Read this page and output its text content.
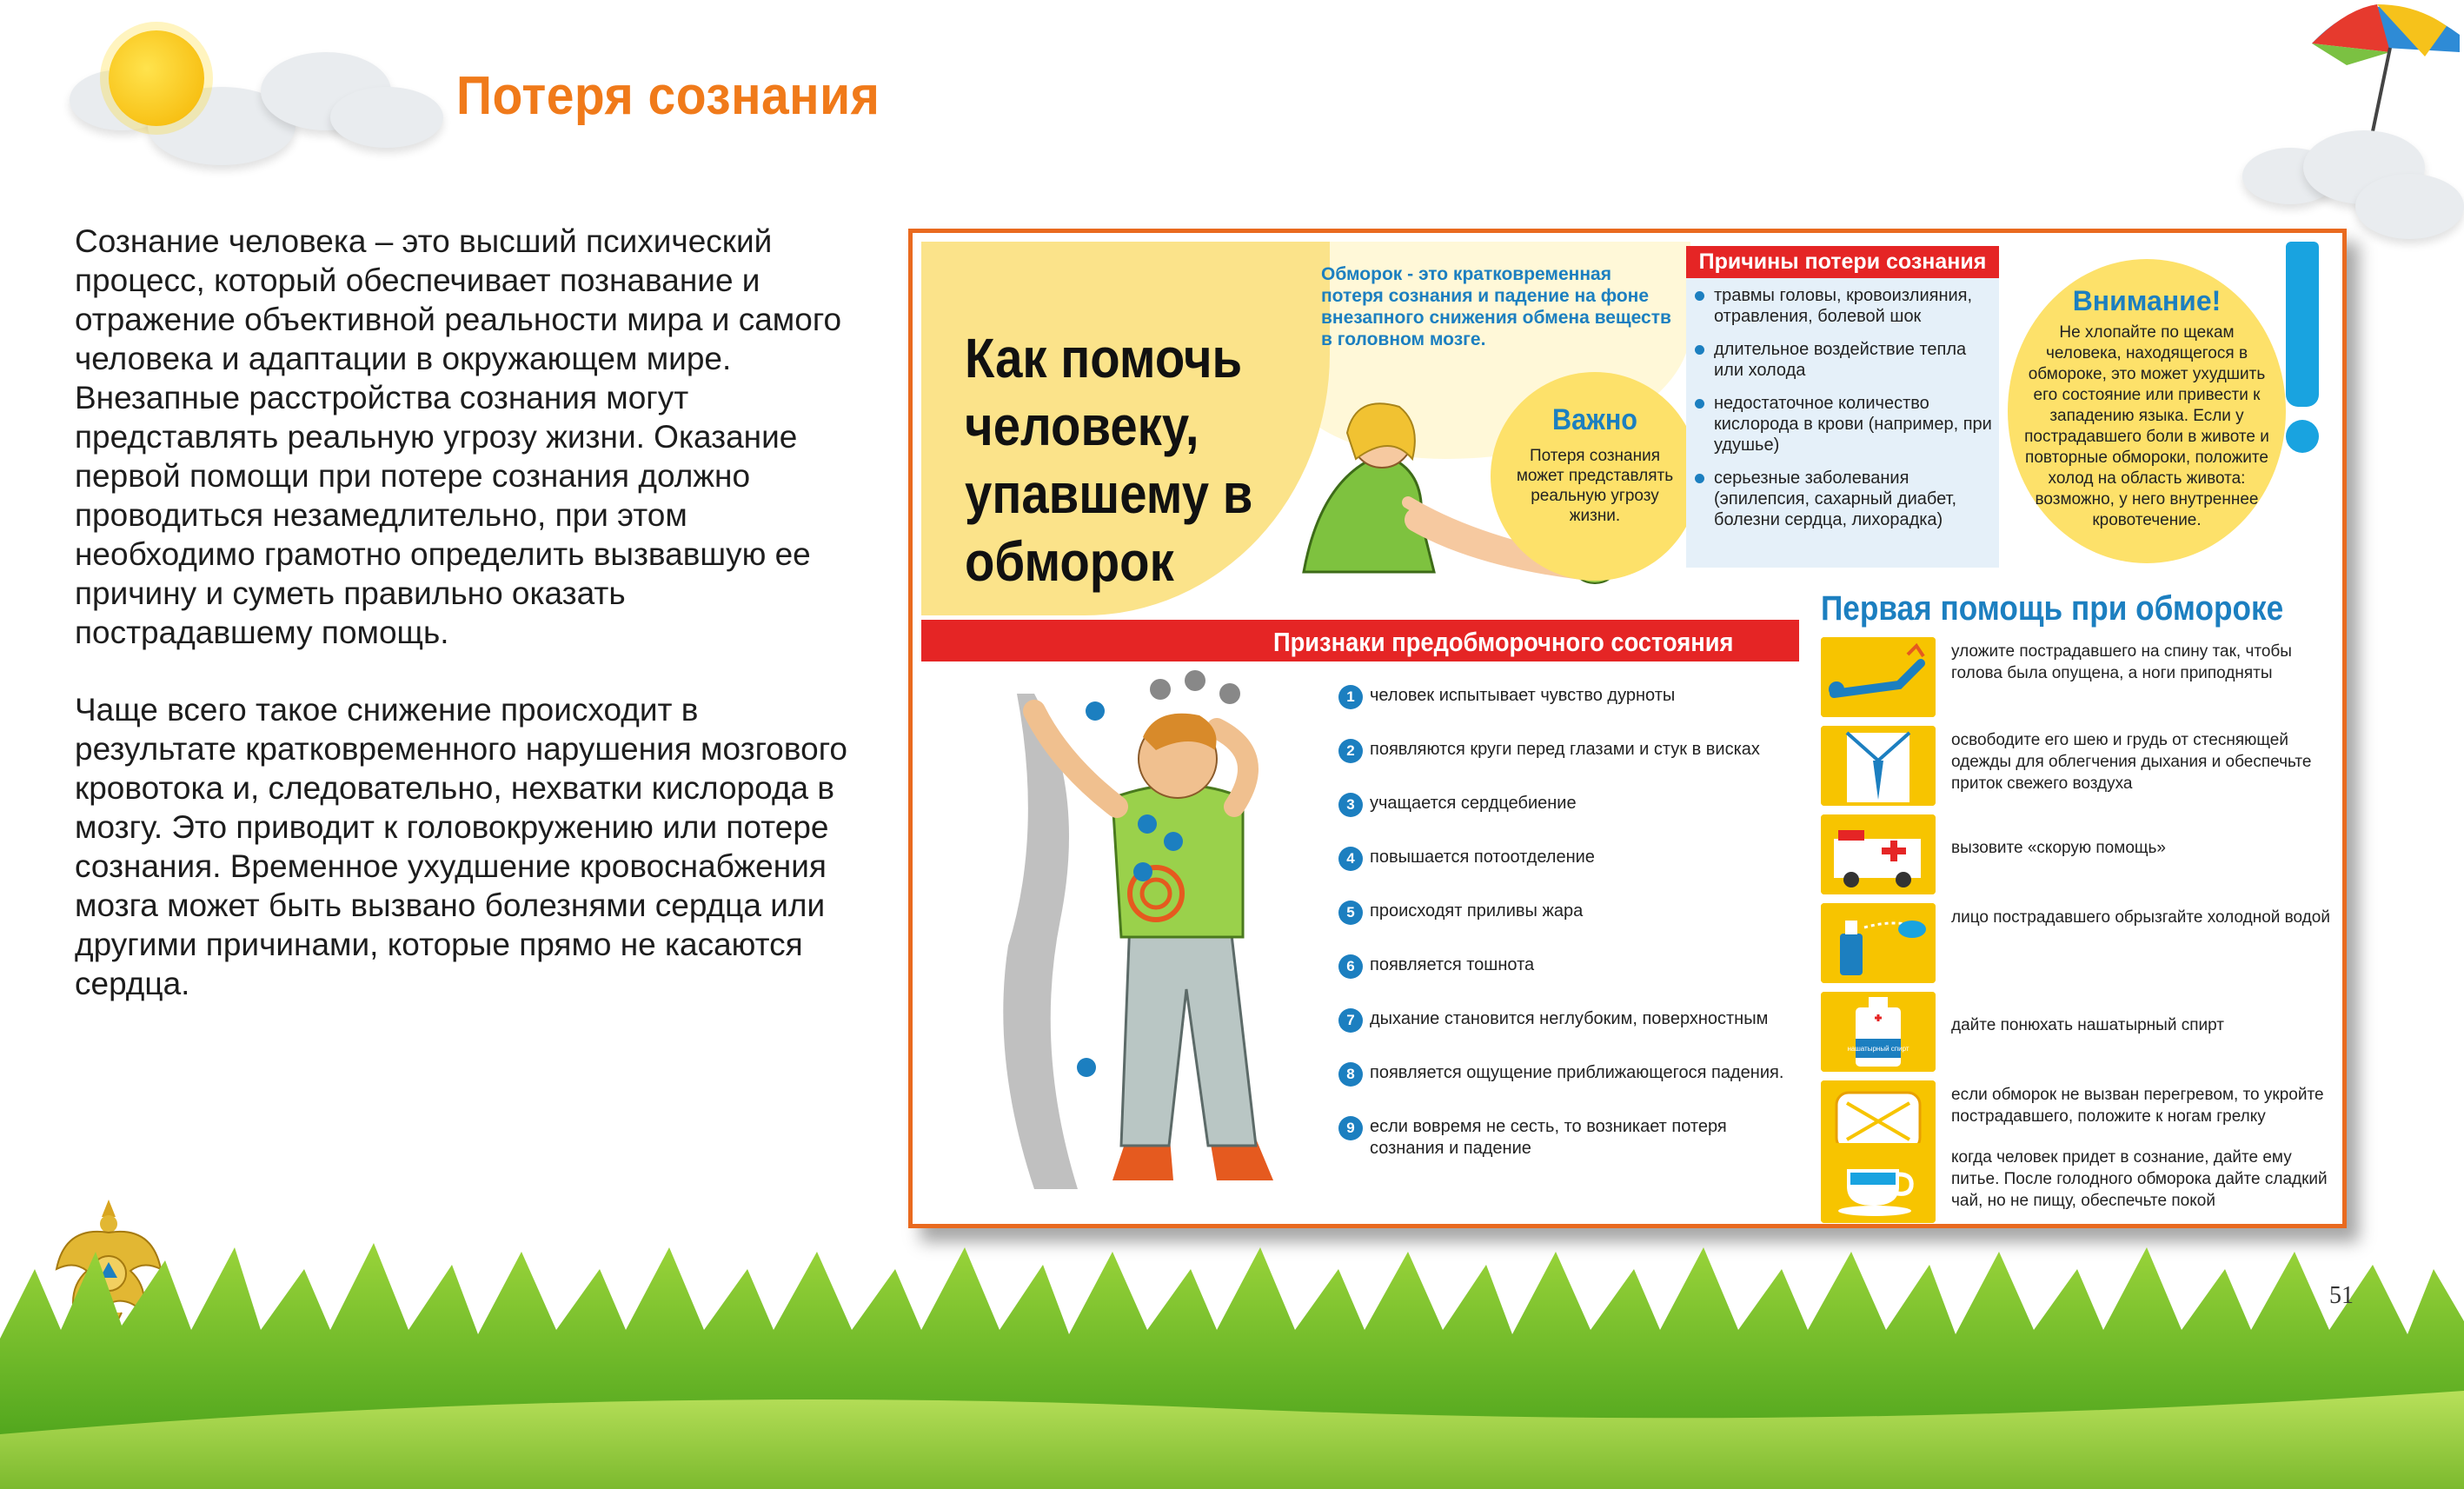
Потеря сознания

Сознание человека – это высший психический процесс, который обеспечивает познавание и отражение объективной реальности мира и самого человека и адаптации в окружающем мире. Внезапные расстройства сознания могут представлять реальную угрозу жизни. Оказание первой помощи при потере сознания должно проводиться незамедлительно, при этом необходимо грамотно определить вызвавшую ее причину и суметь правильно оказать пострадавшему помощь.

Чаще всего такое снижение происходит в результате кратковременного нарушения мозгового кровотока и, следовательно, нехватки кислорода в мозгу. Это приводит к головокружению или потере сознания. Временное ухудшение кровоснабжения мозга может быть вызвано болезнями сердца или другими причинами, которые прямо не касаются сердца.

Как помочь человеку, упавшему в обморок
Обморок - это кратковременная потеря сознания и падение на фоне внезапного снижения обмена веществ в головном мозге.
Важно
Потеря сознания может представлять реальную угрозу жизни.
Причины потери сознания
травмы головы, кровоизлияния, отравления, болевой шок
длительное воздействие тепла или холода
недостаточное количество кислорода в крови (например, при удушье)
серьезные заболевания (эпилепсия, сахарный диабет, болезни сердца, лихорадка)
Внимание!
Не хлопайте по щекам человека, находящегося в обмороке, это может ухудшить его состояние или привести к западению языка. Если у пострадавшего боли в животе и повторные обмороки, положите холод на область живота: возможно, у него внутреннее кровотечение.
Признаки предобморочного состояния
1 человек испытывает чувство дурноты
2 появляются круги перед глазами и стук в висках
3 учащается сердцебиение
4 повышается потоотделение
5 происходят приливы жара
6 появляется тошнота
7 дыхание становится неглубоким, поверхностным
8 появляется ощущение приближающегося падения.
9 если вовремя не сесть, то возникает потеря сознания и падение
Первая помощь при обмороке
уложите пострадавшего на спину так, чтобы голова была опущена, а ноги приподняты
освободите его шею и грудь от стесняющей одежды для облегчения дыхания и обеспечьте приток свежего воздуха
вызовите «скорую помощь»
лицо пострадавшего обрызгайте холодной водой
нашатырный спирт
дайте понюхать нашатырный спирт
если обморок не вызван перегревом, то укройте пострадавшего, положите к ногам грелку
когда человек придет в сознание, дайте ему питье. После голодного обморока дайте сладкий чай, но не пищу, обеспечьте покой
51
